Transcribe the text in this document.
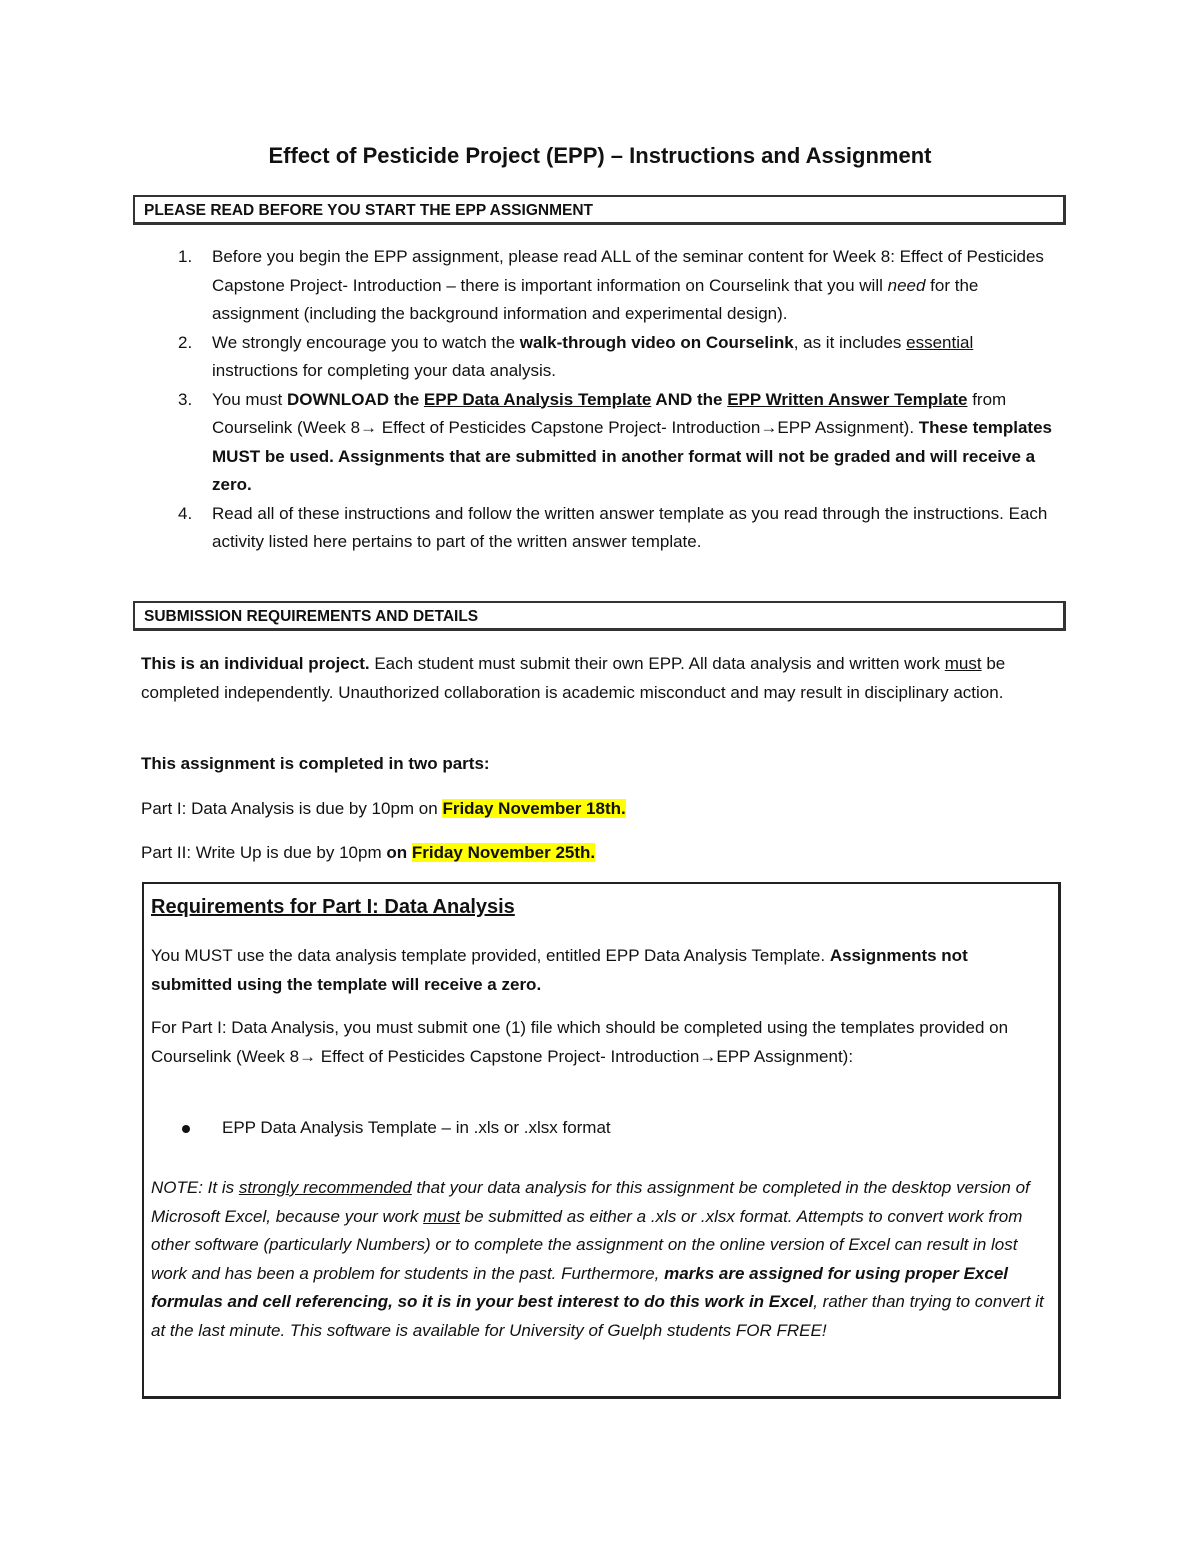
Effect of Pesticide Project (EPP) – Instructions and Assignment
PLEASE READ BEFORE YOU START THE EPP ASSIGNMENT
1. Before you begin the EPP assignment, please read ALL of the seminar content for Week 8: Effect of Pesticides Capstone Project- Introduction – there is important information on Courselink that you will need for the assignment (including the background information and experimental design).
2. We strongly encourage you to watch the walk-through video on Courselink, as it includes essential instructions for completing your data analysis.
3. You must DOWNLOAD the EPP Data Analysis Template AND the EPP Written Answer Template from Courselink (Week 8→ Effect of Pesticides Capstone Project- Introduction→EPP Assignment). These templates MUST be used. Assignments that are submitted in another format will not be graded and will receive a zero.
4. Read all of these instructions and follow the written answer template as you read through the instructions. Each activity listed here pertains to part of the written answer template.
SUBMISSION REQUIREMENTS AND DETAILS

This is an individual project. Each student must submit their own EPP. All data analysis and written work must be completed independently. Unauthorized collaboration is academic misconduct and may result in disciplinary action.

This assignment is completed in two parts:

Part I: Data Analysis is due by 10pm on Friday November 18th.

Part II: Write Up is due by 10pm on Friday November 25th.

Requirements for Part I: Data Analysis

You MUST use the data analysis template provided, entitled EPP Data Analysis Template. Assignments not submitted using the template will receive a zero.

For Part I: Data Analysis, you must submit one (1) file which should be completed using the templates provided on Courselink (Week 8→ Effect of Pesticides Capstone Project- Introduction→EPP Assignment):

EPP Data Analysis Template – in .xls or .xlsx format

NOTE: It is strongly recommended that your data analysis for this assignment be completed in the desktop version of Microsoft Excel, because your work must be submitted as either a .xls or .xlsx format. Attempts to convert work from other software (particularly Numbers) or to complete the assignment on the online version of Excel can result in lost work and has been a problem for students in the past. Furthermore, marks are assigned for using proper Excel formulas and cell referencing, so it is in your best interest to do this work in Excel, rather than trying to convert it at the last minute. This software is available for University of Guelph students FOR FREE!
